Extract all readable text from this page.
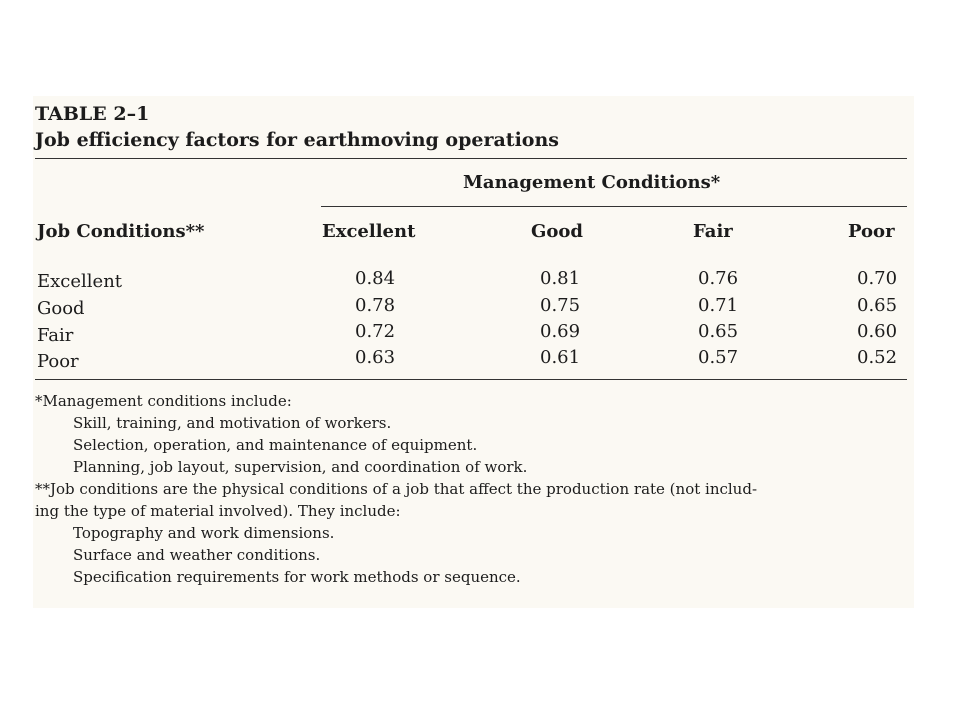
TABLE 2–1
Job efficiency factors for earthmoving operations
Management Conditions*
Job Conditions**	Excellent	Good	Fair	Poor
Excellent	0.84	0.81	0.76	0.70
Good	0.78	0.75	0.71	0.65
Fair	0.72	0.69	0.65	0.60
Poor	0.63	0.61	0.57	0.52
*Management conditions include:
Skill, training, and motivation of workers.
Selection, operation, and maintenance of equipment.
Planning, job layout, supervision, and coordination of work.
**Job conditions are the physical conditions of a job that affect the production rate (not includ-
ing the type of material involved). They include:
Topography and work dimensions.
Surface and weather conditions.
Specification requirements for work methods or sequence.
